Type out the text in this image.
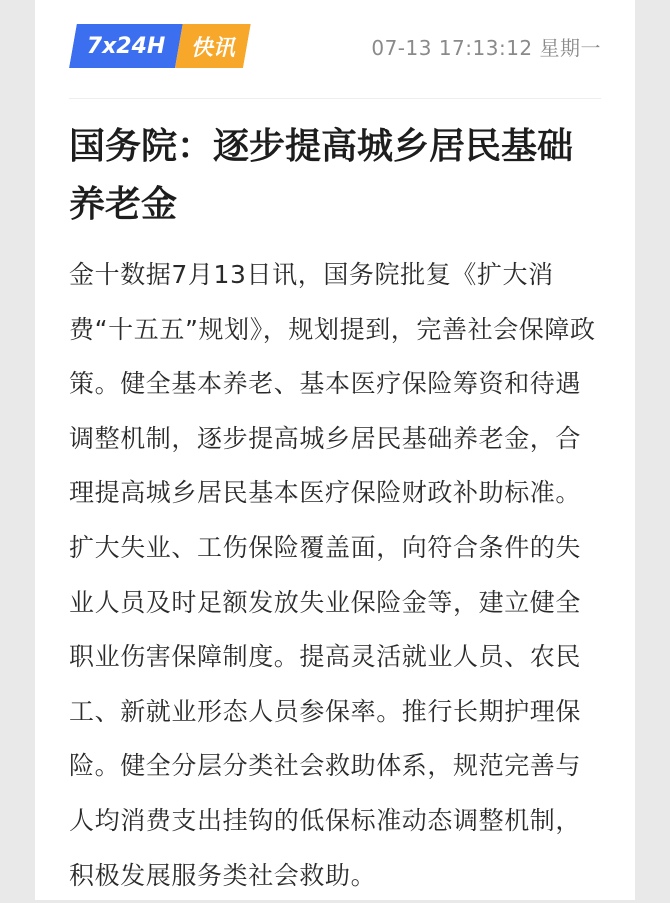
7x24H 快讯	07-13 17:13:12 星期一
国务院：逐步提高城乡居民基础养老金

金十数据7月13日讯，国务院批复《扩大消费“十五五”规划》，规划提到，完善社会保障政策。健全基本养老、基本医疗保险筹资和待遇调整机制，逐步提高城乡居民基础养老金，合理提高城乡居民基本医疗保险财政补助标准。扩大失业、工伤保险覆盖面，向符合条件的失业人员及时足额发放失业保险金等，建立健全职业伤害保障制度。提高灵活就业人员、农民工、新就业形态人员参保率。推行长期护理保险。健全分层分类社会救助体系，规范完善与人均消费支出挂钩的低保标准动态调整机制，积极发展服务类社会救助。
